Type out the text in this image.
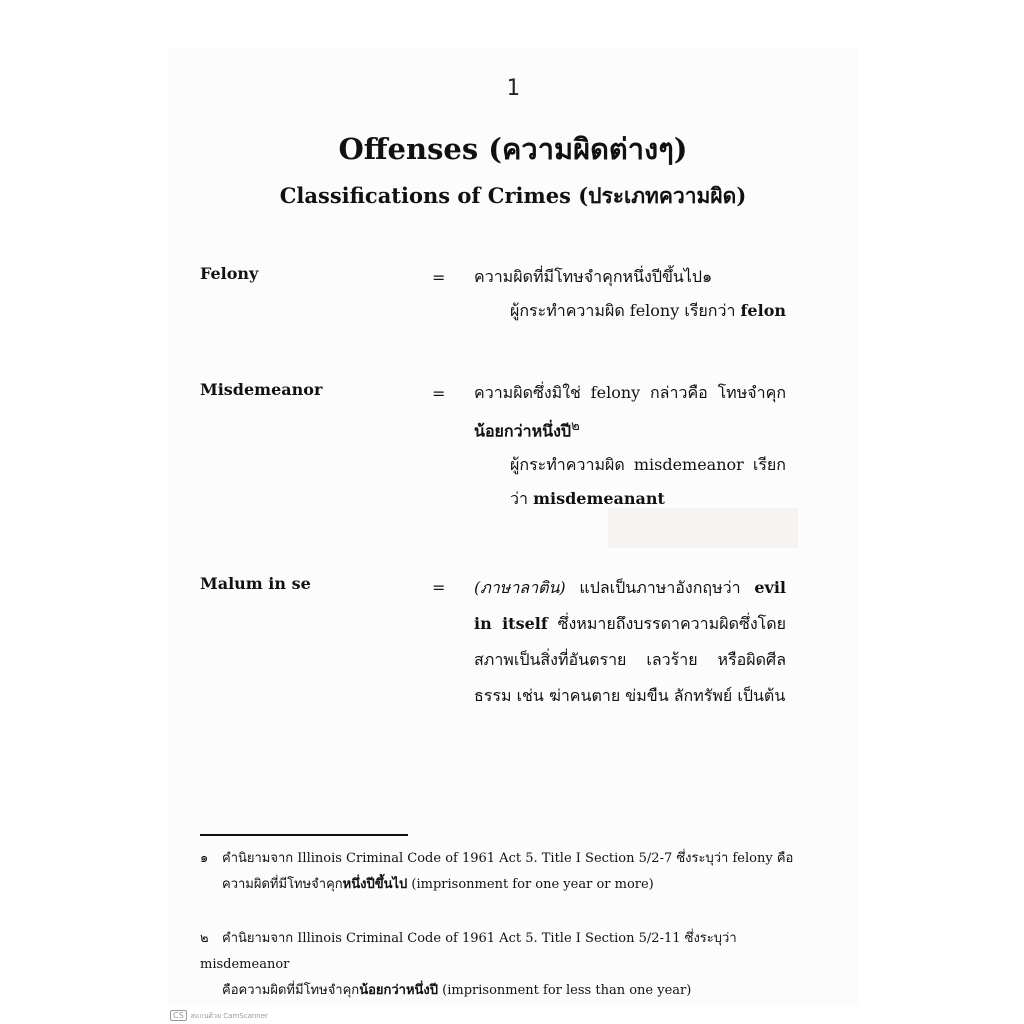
1
Offenses (ความผิดต่างๆ)
Classifications of Crimes (ประเภทความผิด)
Felony	= ความผิดที่มีโทษจำคุกหนึ่งปีขึ้นไป๑
ผู้กระทำความผิด felony เรียกว่า felon
Misdemeanor	= ความผิดซึ่งมิใช่ felony กล่าวคือ โทษจำคุก น้อยกว่าหนึ่งปี$^๒$
ผู้กระทำความผิด misdemeanor เรียก ว่า misdemeanant
Malum in se	= (ภาษาลาติน) แปลเป็นภาษาอังกฤษว่า evil in itself ซึ่งหมายถึงบรรดาความผิดซึ่งโดยสภาพเป็นสิ่งที่อันตราย เลวร้าย หรือผิดศีลธรรม เช่น ฆ่าคนตาย ข่มขืน ลักทรัพย์ เป็นต้น
๑ คำนิยามจาก Illinois Criminal Code of 1961 Act 5. Title I Section 5/2-7 ซึ่งระบุว่า felony คือ
ความผิดที่มีโทษจำคุกหนึ่งปีขึ้นไป (imprisonment for one year or more)
๒ คำนิยามจาก Illinois Criminal Code of 1961 Act 5. Title I Section 5/2-11 ซึ่งระบุว่า misdemeanor
คือความผิดที่มีโทษจำคุกน้อยกว่าหนึ่งปี (imprisonment for less than one year)
CS สแกนด้วย CamScanner
